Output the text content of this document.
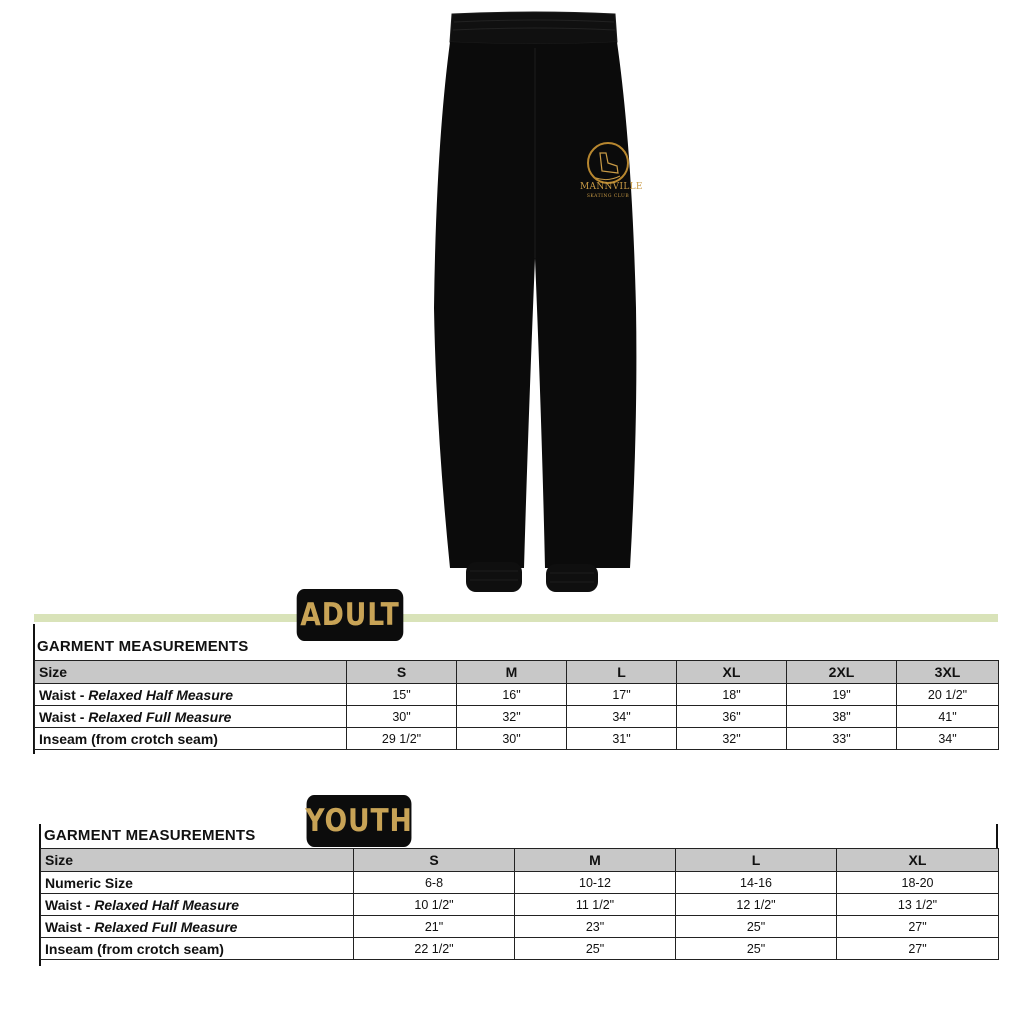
MANNVILLE
SKATING CLUB
ADULT
GARMENT MEASUREMENTS
Size	S	M	L	XL	2XL	3XL
Waist - Relaxed Half Measure	15"	16"	17"	18"	19"	20 1/2"
Waist - Relaxed Full Measure	30"	32"	34"	36"	38"	41"
Inseam (from crotch seam)	29 1/2"	30"	31"	32"	33"	34"
YOUTH
GARMENT MEASUREMENTS
Size	S	M	L	XL
Numeric Size	6-8	10-12	14-16	18-20
Waist - Relaxed Half Measure	10 1/2"	11 1/2"	12 1/2"	13 1/2"
Waist - Relaxed Full Measure	21"	23"	25"	27"
Inseam (from crotch seam)	22 1/2"	25"	25"	27"
